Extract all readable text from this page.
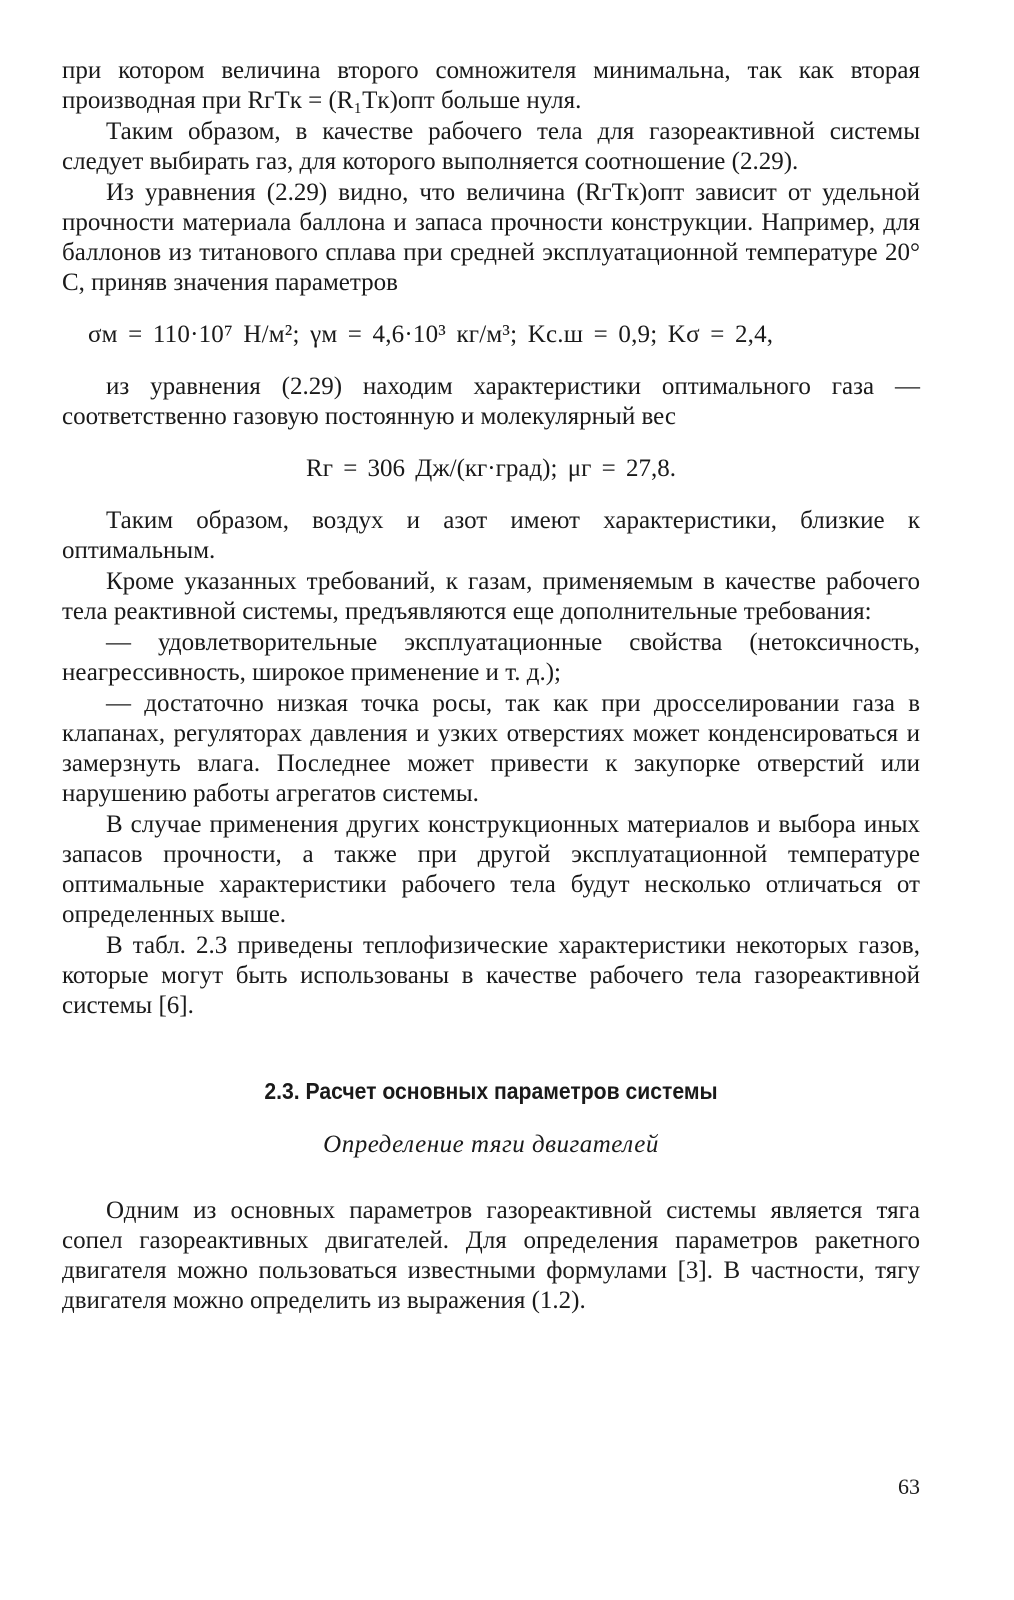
при котором величина второго сомножителя минимальна, так как вторая производная при RгTк = (R₁Tк)опт больше нуля.

Таким образом, в качестве рабочего тела для газореактивной системы следует выбирать газ, для которого выполняется соотношение (2.29).

Из уравнения (2.29) видно, что величина (RгTк)опт зависит от удельной прочности материала баллона и запаса прочности конструкции. Например, для баллонов из титанового сплава при средней эксплуатационной температуре 20° С, приняв значения параметров

σм = 110·10⁷ Н/м²; γм = 4,6·10³ кг/м³; Kс.ш = 0,9; Kσ = 2,4,

из уравнения (2.29) находим характеристики оптимального газа — соответственно газовую постоянную и молекулярный вес

Rг = 306 Дж/(кг·град); μг = 27,8.

Таким образом, воздух и азот имеют характеристики, близкие к оптимальным.

Кроме указанных требований, к газам, применяемым в качестве рабочего тела реактивной системы, предъявляются еще дополнительные требования:

— удовлетворительные эксплуатационные свойства (нетоксичность, неагрессивность, широкое применение и т. д.);

— достаточно низкая точка росы, так как при дросселировании газа в клапанах, регуляторах давления и узких отверстиях может конденсироваться и замерзнуть влага. Последнее может привести к закупорке отверстий или нарушению работы агрегатов системы.

В случае применения других конструкционных материалов и выбора иных запасов прочности, а также при другой эксплуатационной температуре оптимальные характеристики рабочего тела будут несколько отличаться от определенных выше.

В табл. 2.3 приведены теплофизические характеристики некоторых газов, которые могут быть использованы в качестве рабочего тела газореактивной системы [6].

2.3. Расчет основных параметров системы
Определение тяги двигателей

Одним из основных параметров газореактивной системы является тяга сопел газореактивных двигателей. Для определения параметров ракетного двигателя можно пользоваться известными формулами [3]. В частности, тягу двигателя можно определить из выражения (1.2).

63
